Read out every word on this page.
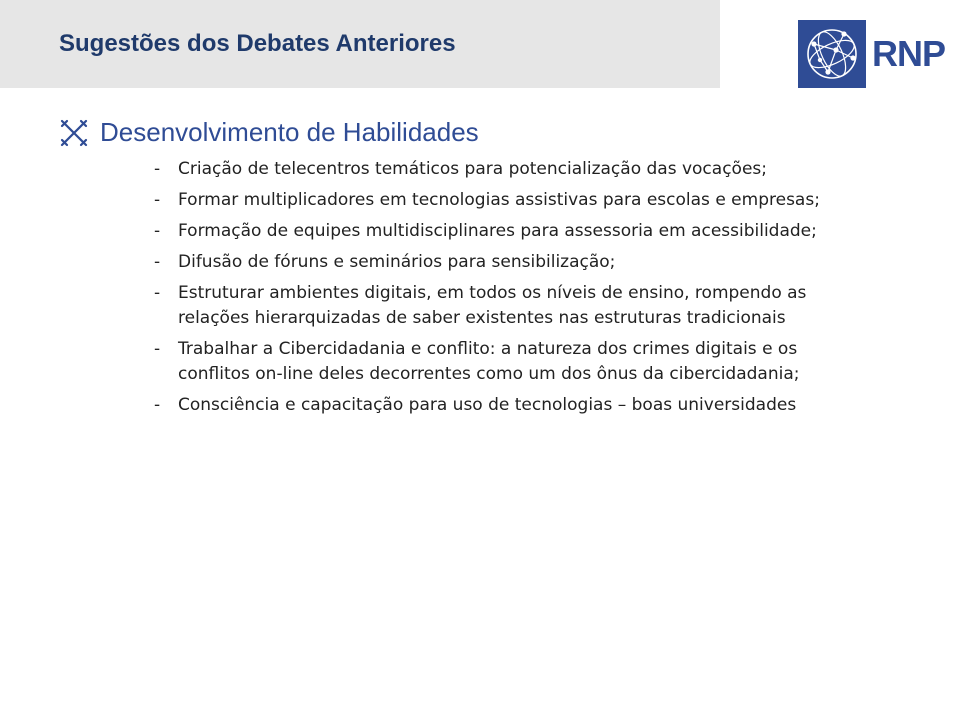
Sugestões dos Debates Anteriores	RNP
Desenvolvimento de Habilidades
- Criação de telecentros temáticos para potencialização das vocações;
- Formar multiplicadores em tecnologias assistivas para escolas e empresas;
- Formação de equipes multidisciplinares para assessoria em acessibilidade;
- Difusão de fóruns e seminários para sensibilização;
- Estruturar ambientes digitais, em todos os níveis de ensino, rompendo as relações hierarquizadas de saber existentes nas estruturas tradicionais
- Trabalhar a Cibercidadania e conflito: a natureza dos crimes digitais e os conflitos on-line deles decorrentes como um dos ônus da cibercidadania;
- Consciência e capacitação para uso de tecnologias – boas universidades
